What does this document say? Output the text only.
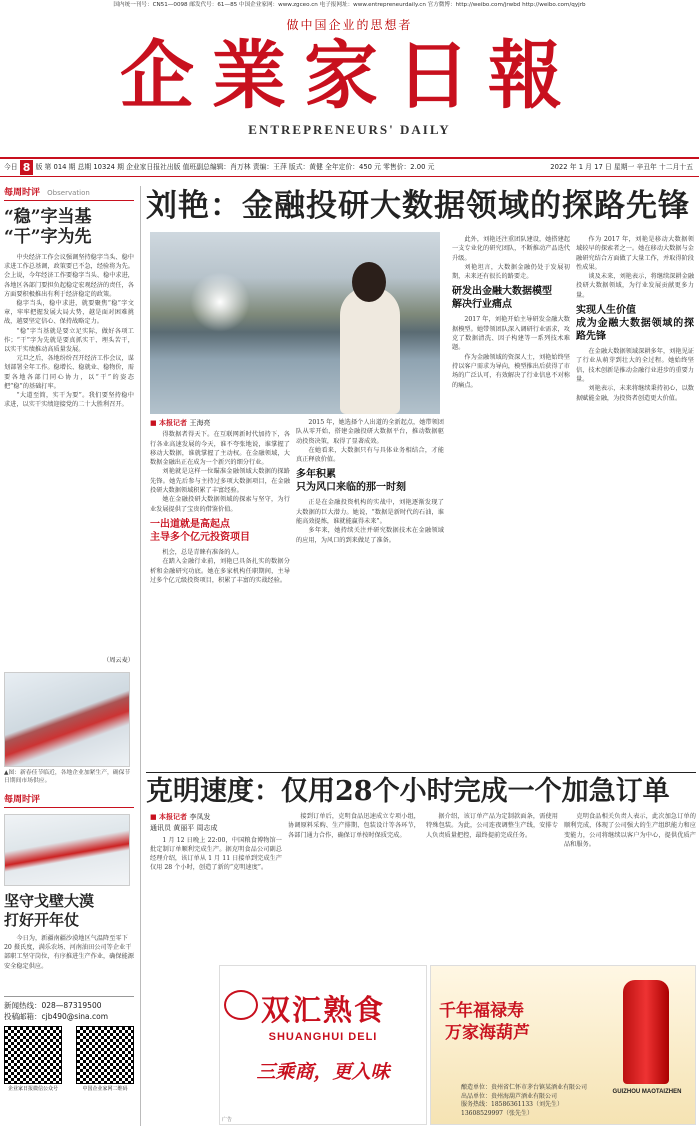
国内统一刊号：CN51—0098 邮发代号：61—85 中国企业家网：www.zgceo.cn 电子报网址：www.entrepreneurdaily.cn 官方微博：http://weibo.com/jrwbd http://weibo.com/qyjrb
做中国企业的思想者
企業家日報
ENTREPRENEURS' DAILY
今日 8 版 第 014 期 总期 10324 期 企业家日报社出版 值班副总编辑：肖万林 责编：王萍 版式：黄健 全年定价：450 元 零售价：2.00 元	2022 年 1 月 17 日 星期一 辛丑年 十二月十五
每周时评 Observation
“稳”字当基
“干”字为先

中央经济工作会议强调坚持稳字当头、稳中求进工作总基调，政策要已不急，经验将为先。会上说，今年经济工作要稳字当头、稳中求进，各地区各部门要担负起稳定宏观经济的责任，各方面要积极推出有利于经济稳定的政策。

稳字当头，稳中求进，就要聚焦“稳”字文章，牢牢把握发展大局大势，越是面对困难挑战，越要坚定信心、保持战略定力。

“稳”字当基就是要立足实际，做好各项工作；“干”字为先就是要真抓实干、埋头苦干，以实干实绩推动高质量发展。

元旦之后，各地纷纷召开经济工作会议，谋划部署全年工作。稳增长、稳就业、稳物价，需要各地各部门同心协力，以“干”的姿态把“稳”的基础打牢。

“大道至简，实干为要”。我们要坚持稳中求进，以实干实绩迎接党的二十大胜利召开。

（周云麦）
▲图：新春佳节临近，各地企业加紧生产，确保节日期间市场供应。
每周时评
坚守戈壁大漠
打好开年仗
今日为，新疆南疆沙漠地区气温降至零下 20 摄氏度，满乐农场、河南油田公司等企业干部职工坚守岗位，有序推进生产作业，确保能源安全稳定供应。
新闻热线：028—87319500
投稿邮箱：cjb490@sina.com
企业家日报微信公众号	中国企业家网二维码
刘艳：金融投研大数据领域的探路先锋
■ 本报记者 王海亮

得数据者得天下。在互联网新时代加持下，各行各业高速发展的今天，谁不夸张地说，谁掌握了移动大数据，谁就掌握了主动权。在金融领域，大数据金融出正在成为一个新兴的细分行业。

刘艳就是这样一位瞄准金融领域大数据的探路先锋。她先后参与主持过多项大数据项目，在金融投研大数据领域积累了丰富经验。

她在金融投研大数据领域的探索与坚守，为行业发展提供了宝贵的借鉴价值。

一出道就是高起点
主导多个亿元投资项目

机会，总是青睐有准备的人。

在踏入金融行业前，刘艳已具备扎实的数据分析和金融研究功底。她在多家机构任职期间，主导过多个亿元级投资项目，积累了丰富的实战经验。

2015 年，她选择个人出道的全新起点，她带领团队从零开始，搭建金融投研大数据平台，推动数据驱动投资决策，取得了显著成效。

在她看来，大数据只有与具体业务相结合，才能真正释放价值。

多年积累
只为风口来临的那一时刻

正是在金融投资机构的实战中，刘艳逐渐发现了大数据的巨大潜力。她说，“数据是新时代的石油，谁能高效提炼，谁就能赢得未来”。

多年来，她持续关注并研究数据技术在金融领域的应用，为风口的到来做足了准备。

此外，刘艳还注重团队建设，她搭建起一支专业化的研究团队，不断推动产品迭代升级。

刘艳坦言，大数据金融仍处于发展初期，未来还有很长的路要走。

研发出金融大数据模型
解决行业痛点

2017 年，刘艳开始主导研发金融大数据模型。她带领团队深入调研行业需求，攻克了数据清洗、因子构建等一系列技术难题。

作为金融领域的资深人士，刘艳始终坚持以客户需求为导向，模型推出后获得了市场的广泛认可，有效解决了行业信息不对称的痛点。

作为 2017 年，刘艳是移动大数据领域较早的探索者之一。她在移动大数据与金融研究结合方面做了大量工作，并取得阶段性成果。

谈及未来，刘艳表示，将继续深耕金融投研大数据领域，为行业发展贡献更多力量。

实现人生价值
成为金融大数据领域的探路先锋

在金融大数据领域深耕多年，刘艳见证了行业从萌芽到壮大的全过程。她始终坚信，技术创新是推动金融行业进步的重要力量。

刘艳表示，未来将继续秉持初心，以数据赋能金融，为投资者创造更大价值。

克明速度：仅用28个小时完成一个加急订单
■ 本报记者 李凤发
通讯员 黄丽平 周志成

1 月 12 日晚上 22:00，中国粮食博物馆一批定制订单顺利完成生产。据克明食品公司副总经理介绍，该订单从 1 月 11 日接单到完成生产仅用 28 个小时，创造了新的“克明速度”。

接到订单后，克明食品迅速成立专项小组，协调原料采购、生产排期、包装设计等各环节，各部门通力合作，确保订单按时保质完成。

据介绍，该订单产品为定制款面条，需使用特殊包装。为此，公司连夜调整生产线，安排专人负责质量把控，最终提前完成任务。

克明食品相关负责人表示，此次加急订单的顺利完成，体现了公司强大的生产组织能力和应变能力，公司将继续以客户为中心，提供优质产品和服务。

双汇熟食
SHUANGHUI DELI
三乘商，更入味
广告
千年福禄寿
万家海葫芦
GUIZHOU MAOTAIZHEN
酿造单位：贵州省仁怀市茅台镇某酒业有限公司
出品单位：贵州海葫芦酒业有限公司
服务热线：18586361133（刘先生）
13608529997（张先生）
